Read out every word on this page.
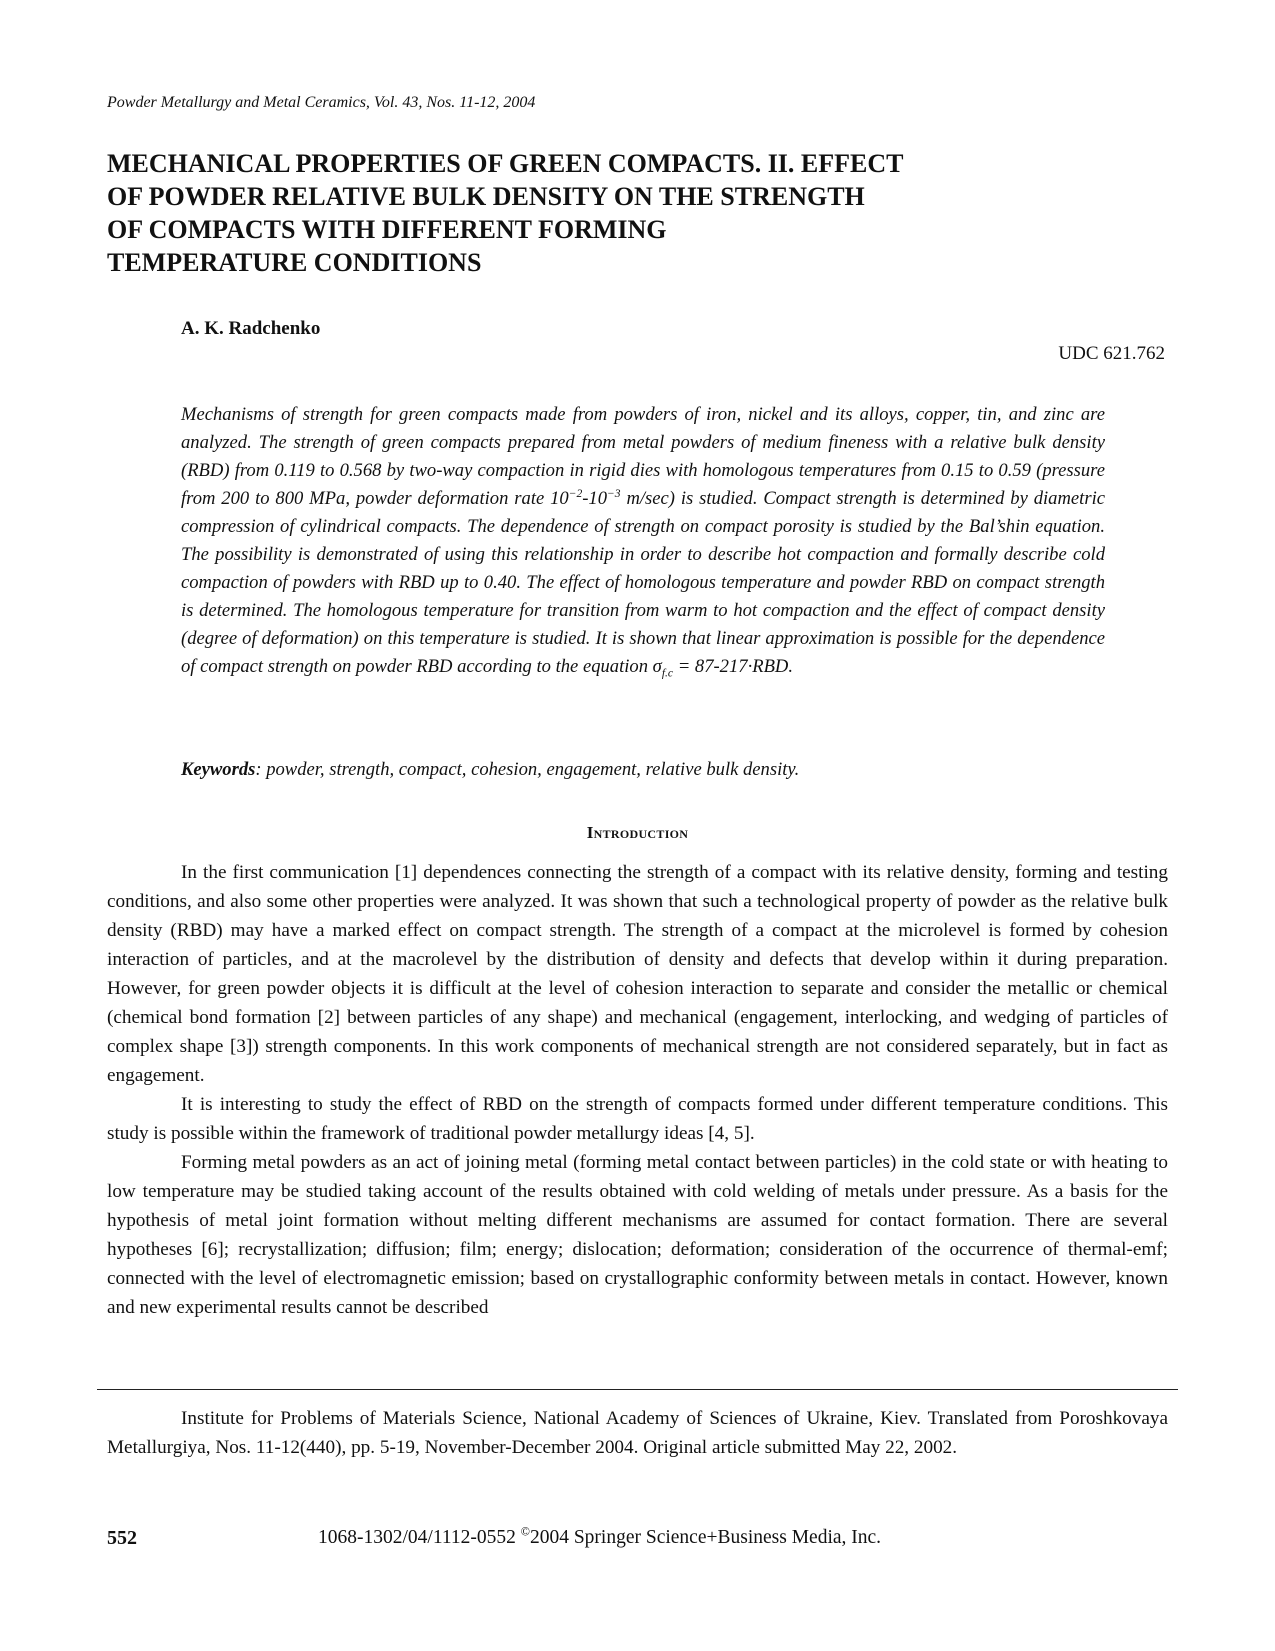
Powder Metallurgy and Metal Ceramics, Vol. 43, Nos. 11-12, 2004
MECHANICAL PROPERTIES OF GREEN COMPACTS. II. EFFECT
OF POWDER RELATIVE BULK DENSITY ON THE STRENGTH
OF COMPACTS WITH DIFFERENT FORMING
TEMPERATURE CONDITIONS
A. K. Radchenko
UDC 621.762

Mechanisms of strength for green compacts made from powders of iron, nickel and its alloys, copper, tin, and zinc are analyzed. The strength of green compacts prepared from metal powders of medium fineness with a relative bulk density (RBD) from 0.119 to 0.568 by two-way compaction in rigid dies with homologous temperatures from 0.15 to 0.59 (pressure from 200 to 800 MPa, powder deformation rate $10^{-2}-10^{-3}$ m/sec) is studied. Compact strength is determined by diametric compression of cylindrical compacts. The dependence of strength on compact porosity is studied by the Bal’shin equation. The possibility is demonstrated of using this relationship in order to describe hot compaction and formally describe cold compaction of powders with RBD up to 0.40. The effect of homologous temperature and powder RBD on compact strength is determined. The homologous temperature for transition from warm to hot compaction and the effect of compact density (degree of deformation) on this temperature is studied. It is shown that linear approximation is possible for the dependence of compact strength on powder RBD according to the equation $\sigma_{f.c} = 87-217\cdot RBD$.

Keywords: powder, strength, compact, cohesion, engagement, relative bulk density.

Introduction

In the first communication [1] dependences connecting the strength of a compact with its relative density, forming and testing conditions, and also some other properties were analyzed. It was shown that such a technological property of powder as the relative bulk density (RBD) may have a marked effect on compact strength. The strength of a compact at the microlevel is formed by cohesion interaction of particles, and at the macrolevel by the distribution of density and defects that develop within it during preparation. However, for green powder objects it is difficult at the level of cohesion interaction to separate and consider the metallic or chemical (chemical bond formation [2] between particles of any shape) and mechanical (engagement, interlocking, and wedging of particles of complex shape [3]) strength components. In this work components of mechanical strength are not considered separately, but in fact as engagement.

It is interesting to study the effect of RBD on the strength of compacts formed under different temperature conditions. This study is possible within the framework of traditional powder metallurgy ideas [4, 5].

Forming metal powders as an act of joining metal (forming metal contact between particles) in the cold state or with heating to low temperature may be studied taking account of the results obtained with cold welding of metals under pressure. As a basis for the hypothesis of metal joint formation without melting different mechanisms are assumed for contact formation. There are several hypotheses [6]; recrystallization; diffusion; film; energy; dislocation; deformation; consideration of the occurrence of thermal-emf; connected with the level of electromagnetic emission; based on crystallographic conformity between metals in contact. However, known and new experimental results cannot be described

Institute for Problems of Materials Science, National Academy of Sciences of Ukraine, Kiev. Translated from Poroshkovaya Metallurgiya, Nos. 11-12(440), pp. 5-19, November-December 2004. Original article submitted May 22, 2002.

552	1068-1302/04/1112-0552 ©2004 Springer Science+Business Media, Inc.
